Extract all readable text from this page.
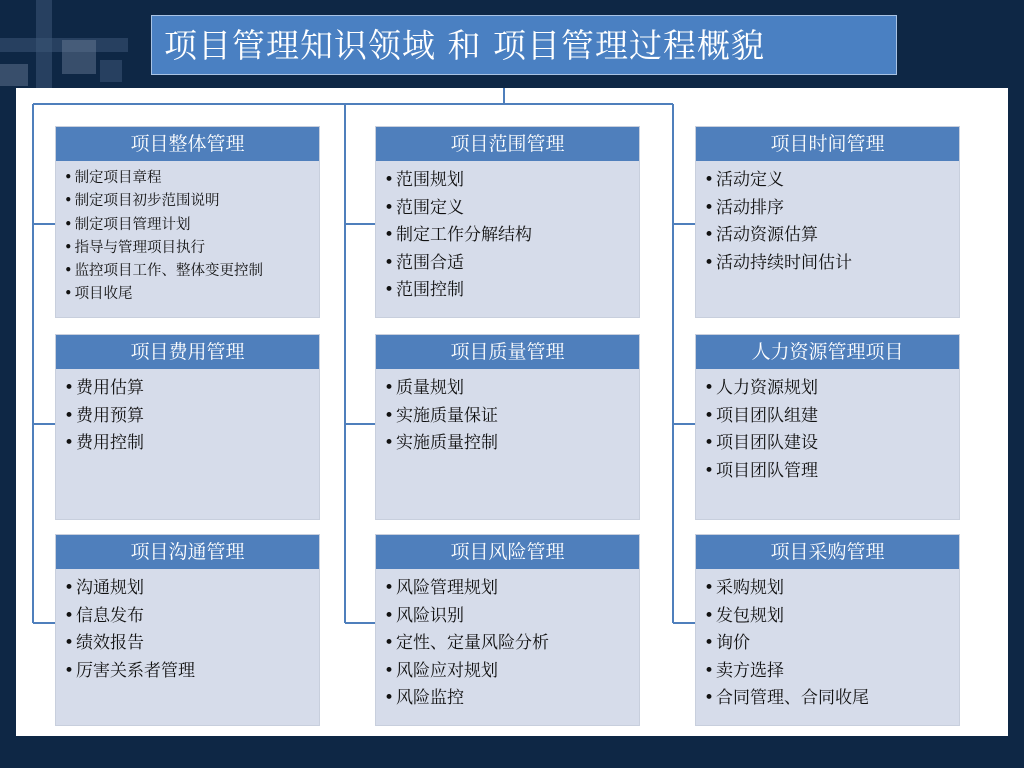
项目管理知识领域 和 项目管理过程概貌
项目整体管理
• 制定项目章程
• 制定项目初步范围说明
• 制定项目管理计划
• 指导与管理项目执行
• 监控项目工作、整体变更控制
• 项目收尾
项目范围管理
• 范围规划
• 范围定义
• 制定工作分解结构
• 范围合适
• 范围控制
项目时间管理
• 活动定义
• 活动排序
• 活动资源估算
• 活动持续时间估计
项目费用管理
• 费用估算
• 费用预算
• 费用控制
项目质量管理
• 质量规划
• 实施质量保证
• 实施质量控制
人力资源管理项目
• 人力资源规划
• 项目团队组建
• 项目团队建设
• 项目团队管理
项目沟通管理
• 沟通规划
• 信息发布
• 绩效报告
• 厉害关系者管理
项目风险管理
• 风险管理规划
• 风险识别
• 定性、定量风险分析
• 风险应对规划
• 风险监控
项目采购管理
• 采购规划
• 发包规划
• 询价
• 卖方选择
• 合同管理、合同收尾
